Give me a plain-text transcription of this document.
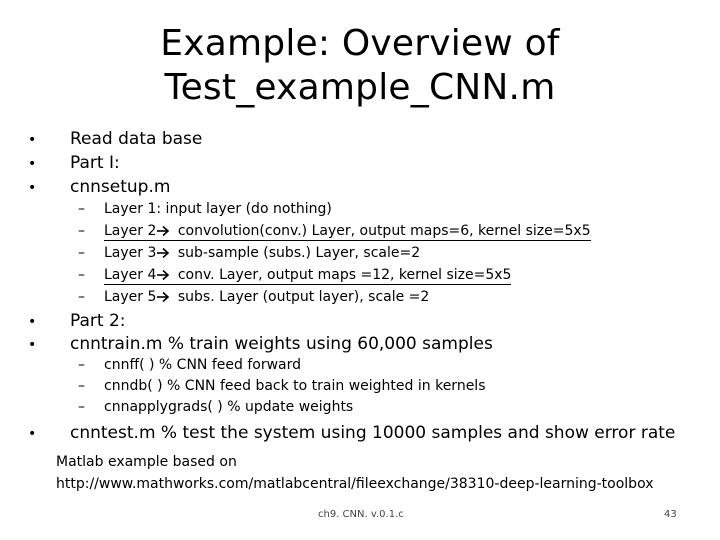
Example: Overview of
Test_example_CNN.m
•Read data base
•Part I:
•cnnsetup.m
–Layer 1: input layer (do nothing)
–Layer 2 convolution(conv.) Layer, output maps=6, kernel size=5x5
–Layer 3 sub-sample (subs.) Layer, scale=2
–Layer 4 conv. Layer, output maps =12, kernel size=5x5
–Layer 5 subs. Layer (output layer), scale =2
•Part 2:
•cnntrain.m % train weights using 60,000 samples
–cnnff( ) % CNN feed forward
–cnndb( ) % CNN feed back to train weighted in kernels
–cnnapplygrads( ) % update weights
•cnntest.m % test the system using 10000 samples and show error rate
Matlab example based on
http://www.mathworks.com/matlabcentral/fileexchange/38310-deep-learning-toolbox
ch9. CNN. v.0.1.c	43
